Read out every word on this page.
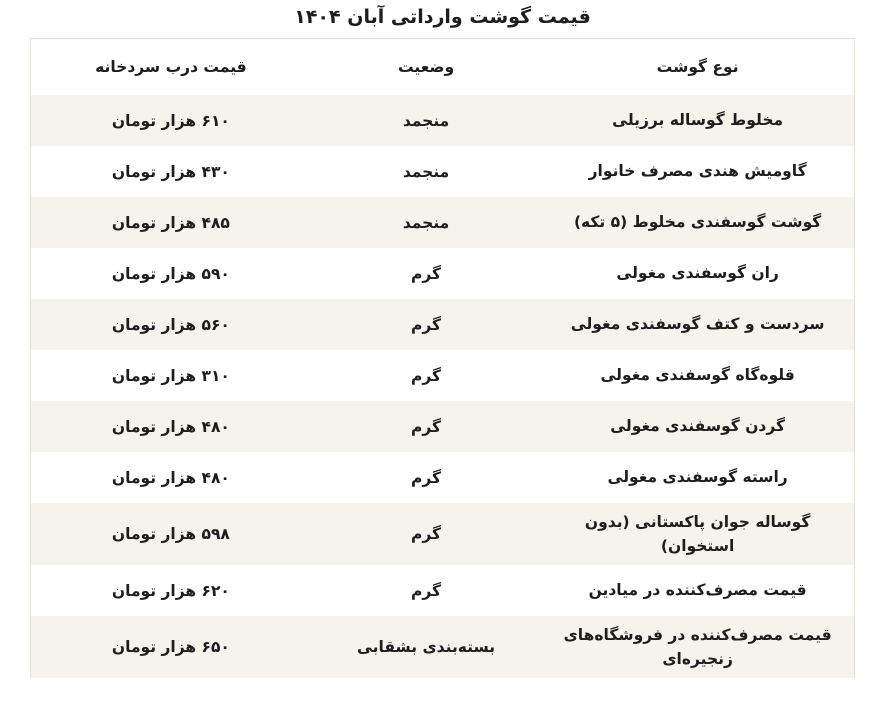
قیمت گوشت وارداتی آبان ۱۴۰۴
نوع گوشت	وضعیت	قیمت درب سردخانه
مخلوط گوساله برزیلی	منجمد	۶۱۰ هزار تومان
گاومیش هندی مصرف خانوار	منجمد	۴۳۰ هزار تومان
گوشت گوسفندی مخلوط (۵ تکه)	منجمد	۴۸۵ هزار تومان
ران گوسفندی مغولی	گرم	۵۹۰ هزار تومان
سردست و کتف گوسفندی مغولی	گرم	۵۶۰ هزار تومان
قلوه‌گاه گوسفندی مغولی	گرم	۳۱۰ هزار تومان
گردن گوسفندی مغولی	گرم	۴۸۰ هزار تومان
راسته گوسفندی مغولی	گرم	۴۸۰ هزار تومان
گوساله جوان پاکستانی (بدون استخوان)	گرم	۵۹۸ هزار تومان
قیمت مصرف‌کننده در میادین	گرم	۶۲۰ هزار تومان
قیمت مصرف‌کننده در فروشگاه‌های زنجیره‌ای	بسته‌بندی بشقابی	۶۵۰ هزار تومان
